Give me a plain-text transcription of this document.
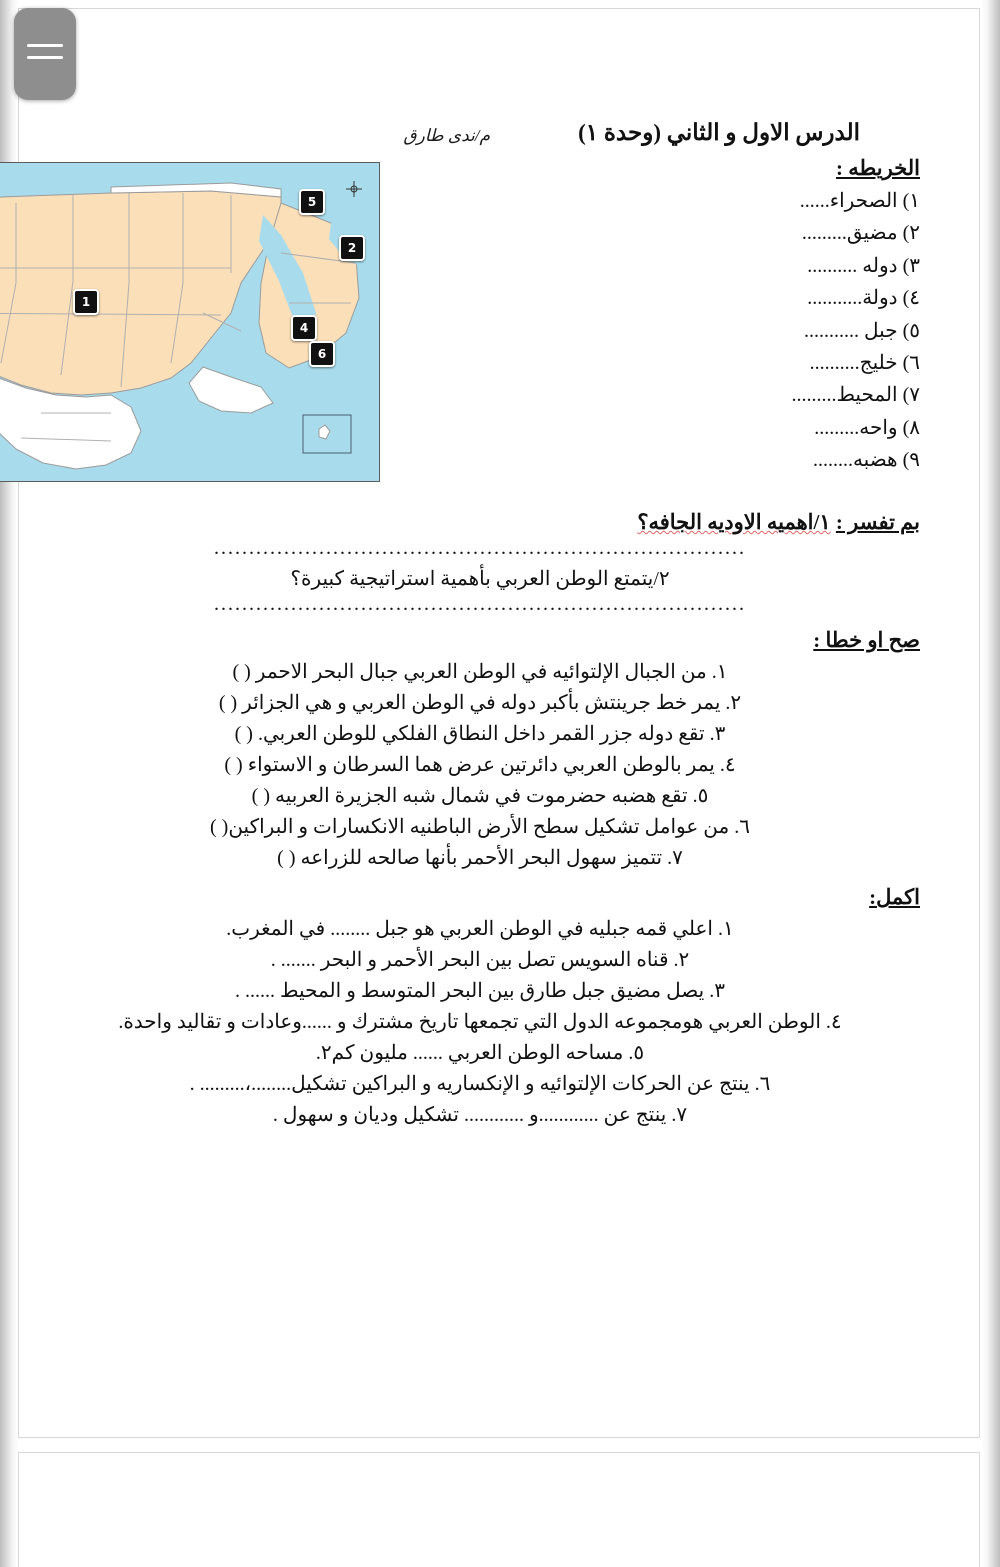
الدرس الاول و الثاني (وحدة ١)
م/ندى طارق
1
2
4
5
6
الخريطه :

١) الصحراء......

٢) مضيق.........

٣) دوله ..........

٤) دولة...........

٥) جبل ...........

٦) خليج..........

٧) المحيط.........

٨) واحه.........

٩) هضبه........

بم تفسر : ١/اهميه الاوديه الجافه؟

............................................................................

٢/يتمتع الوطن العربي بأهمية استراتيجية كبيرة؟

............................................................................

صح او خطا :

١. من الجبال الإلتوائيه في الوطن العربي جبال البحر الاحمر ( )

٢. يمر خط جرينتش بأكبر دوله في الوطن العربي و هي الجزائر ( )

٣. تقع دوله جزر القمر داخل النطاق الفلكي للوطن العربي. ( )

٤. يمر بالوطن العربي دائرتين عرض هما السرطان و الاستواء ( )

٥. تقع هضبه حضرموت في شمال شبه الجزيرة العربيه ( )

٦. من عوامل تشكيل سطح الأرض الباطنيه الانكسارات و البراكين( )

٧. تتميز سهول البحر الأحمر بأنها صالحه للزراعه ( )

اكمل:

١. اعلي قمه جبليه في الوطن العربي هو جبل ........ في المغرب.

٢. قناه السويس تصل بين البحر الأحمر و البحر ....... .

٣. يصل مضيق جبل طارق بين البحر المتوسط و المحيط ...... .

٤. الوطن العربي هومجموعه الدول التي تجمعها تاريخ مشترك و ......وعادات و تقاليد واحدة.

٥. مساحه الوطن العربي ...... مليون كم٢.

٦. ينتج عن الحركات الإلتوائيه و الإنكساريه و البراكين تشكيل........،......... .

٧. ينتج عن ............و ............ تشكيل وديان و سهول .
